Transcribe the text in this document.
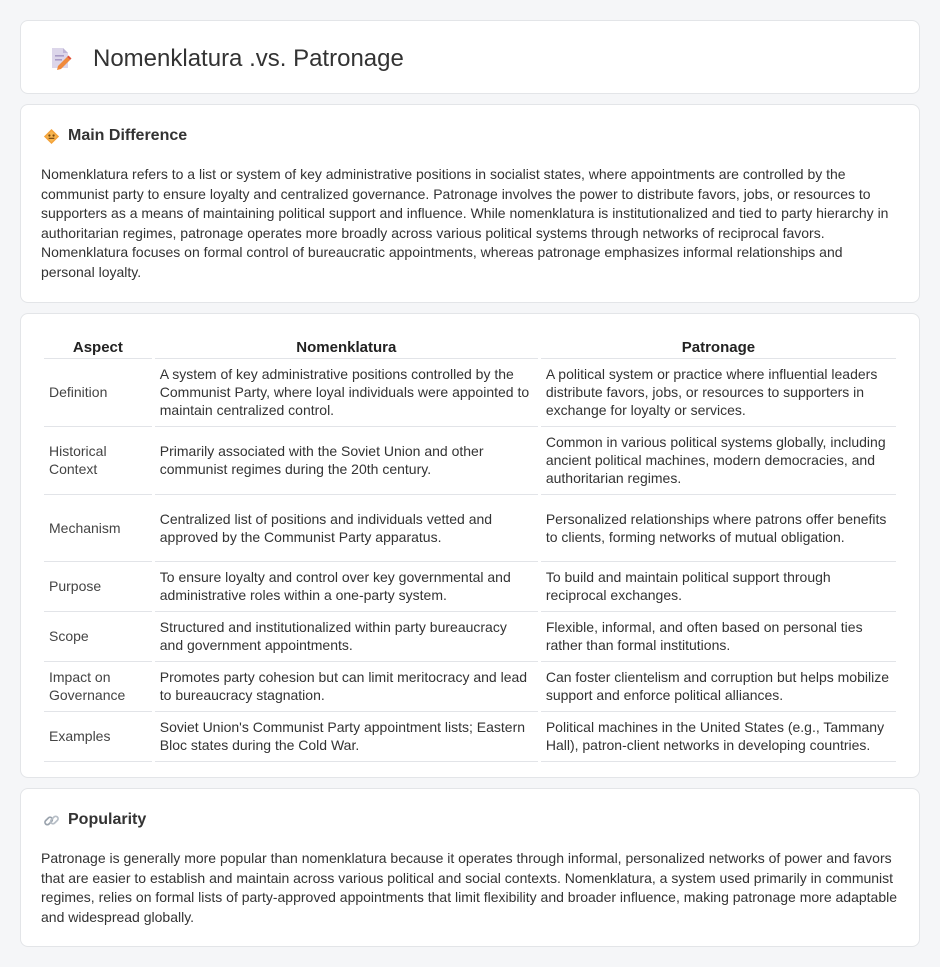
Nomenklatura .vs. Patronage
Main Difference

Nomenklatura refers to a list or system of key administrative positions in socialist states, where appointments are controlled by the communist party to ensure loyalty and centralized governance. Patronage involves the power to distribute favors, jobs, or resources to supporters as a means of maintaining political support and influence. While nomenklatura is institutionalized and tied to party hierarchy in authoritarian regimes, patronage operates more broadly across various political systems through networks of reciprocal favors. Nomenklatura focuses on formal control of bureaucratic appointments, whereas patronage emphasizes informal relationships and personal loyalty.

Aspect	Nomenklatura	Patronage
Definition	A system of key administrative positions controlled by the Communist Party, where loyal individuals were appointed to maintain centralized control.	A political system or practice where influential leaders distribute favors, jobs, or resources to supporters in exchange for loyalty or services.
Historical Context	Primarily associated with the Soviet Union and other communist regimes during the 20th century.	Common in various political systems globally, including ancient political machines, modern democracies, and authoritarian regimes.
Mechanism	Centralized list of positions and individuals vetted and approved by the Communist Party apparatus.	Personalized relationships where patrons offer benefits to clients, forming networks of mutual obligation.
Purpose	To ensure loyalty and control over key governmental and administrative roles within a one-party system.	To build and maintain political support through reciprocal exchanges.
Scope	Structured and institutionalized within party bureaucracy and government appointments.	Flexible, informal, and often based on personal ties rather than formal institutions.
Impact on Governance	Promotes party cohesion but can limit meritocracy and lead to bureaucracy stagnation.	Can foster clientelism and corruption but helps mobilize support and enforce political alliances.
Examples	Soviet Union's Communist Party appointment lists; Eastern Bloc states during the Cold War.	Political machines in the United States (e.g., Tammany Hall), patron-client networks in developing countries.
Popularity

Patronage is generally more popular than nomenklatura because it operates through informal, personalized networks of power and favors that are easier to establish and maintain across various political and social contexts. Nomenklatura, a system used primarily in communist regimes, relies on formal lists of party-approved appointments that limit flexibility and broader influence, making patronage more adaptable and widespread globally.
